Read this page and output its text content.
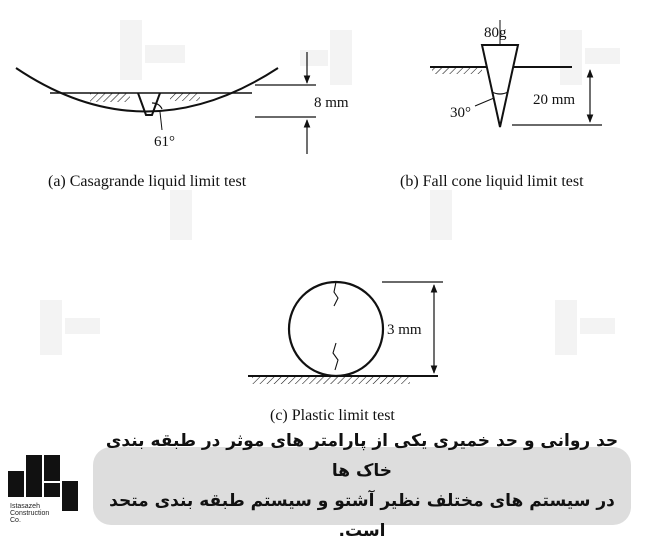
8 mm
61°
(a) Casagrande liquid limit test
80g
30°
20 mm
(b) Fall cone liquid limit test
3 mm
(c) Plastic limit test
Istasazeh
Construction
Co.
حد روانی و حد خمیری یکی از پارامتر های موثر در طبقه بندی خاک ها
در سیستم های مختلف نظیر آشتو و سیستم طبقه بندی متحد است.
